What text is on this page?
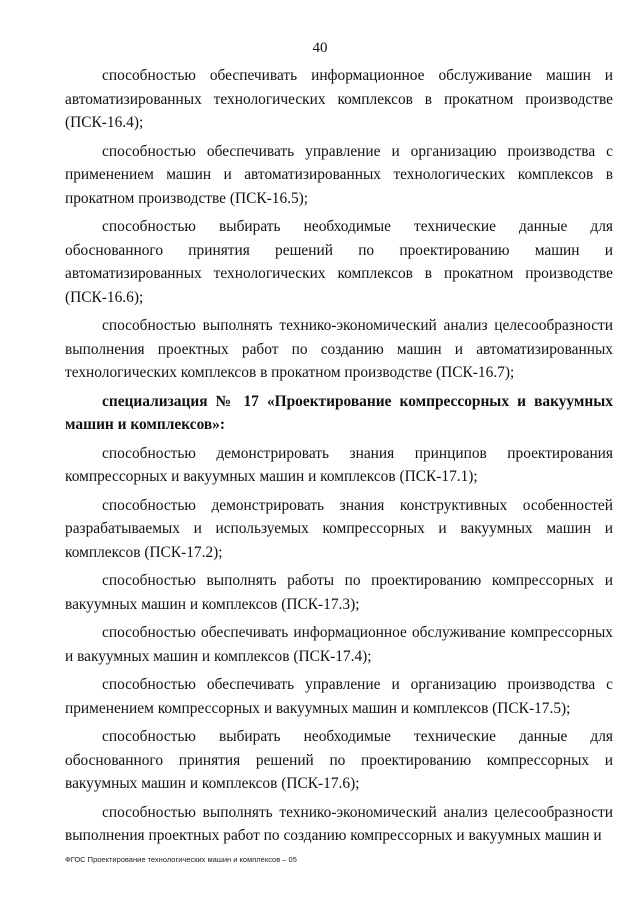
40

способностью обеспечивать информационное обслуживание машин и автоматизированных технологических комплексов в прокатном производстве (ПСК-16.4);

способностью обеспечивать управление и организацию производства с применением машин и автоматизированных технологических комплексов в прокатном производстве (ПСК-16.5);

способностью выбирать необходимые технические данные для обоснованного принятия решений по проектированию машин и автоматизированных технологических комплексов в прокатном производстве (ПСК-16.6);

способностью выполнять технико-экономический анализ целесообразности выполнения проектных работ по созданию машин и автоматизированных технологических комплексов в прокатном производстве (ПСК-16.7);

специализация № 17 «Проектирование компрессорных и вакуумных машин и комплексов»:

способностью демонстрировать знания принципов проектирования компрессорных и вакуумных машин и комплексов (ПСК-17.1);

способностью демонстрировать знания конструктивных особенностей разрабатываемых и используемых компрессорных и вакуумных машин и комплексов (ПСК-17.2);

способностью выполнять работы по проектированию компрессорных и вакуумных машин и комплексов (ПСК-17.3);

способностью обеспечивать информационное обслуживание компрессорных и вакуумных машин и комплексов (ПСК-17.4);

способностью обеспечивать управление и организацию производства с применением компрессорных и вакуумных машин и комплексов (ПСК-17.5);

способностью выбирать необходимые технические данные для обоснованного принятия решений по проектированию компрессорных и вакуумных машин и комплексов (ПСК-17.6);

способностью выполнять технико-экономический анализ целесообразности выполнения проектных работ по созданию компрессорных и вакуумных машин и

ФГОС Проектирование технологических машин и комплексов – 05
